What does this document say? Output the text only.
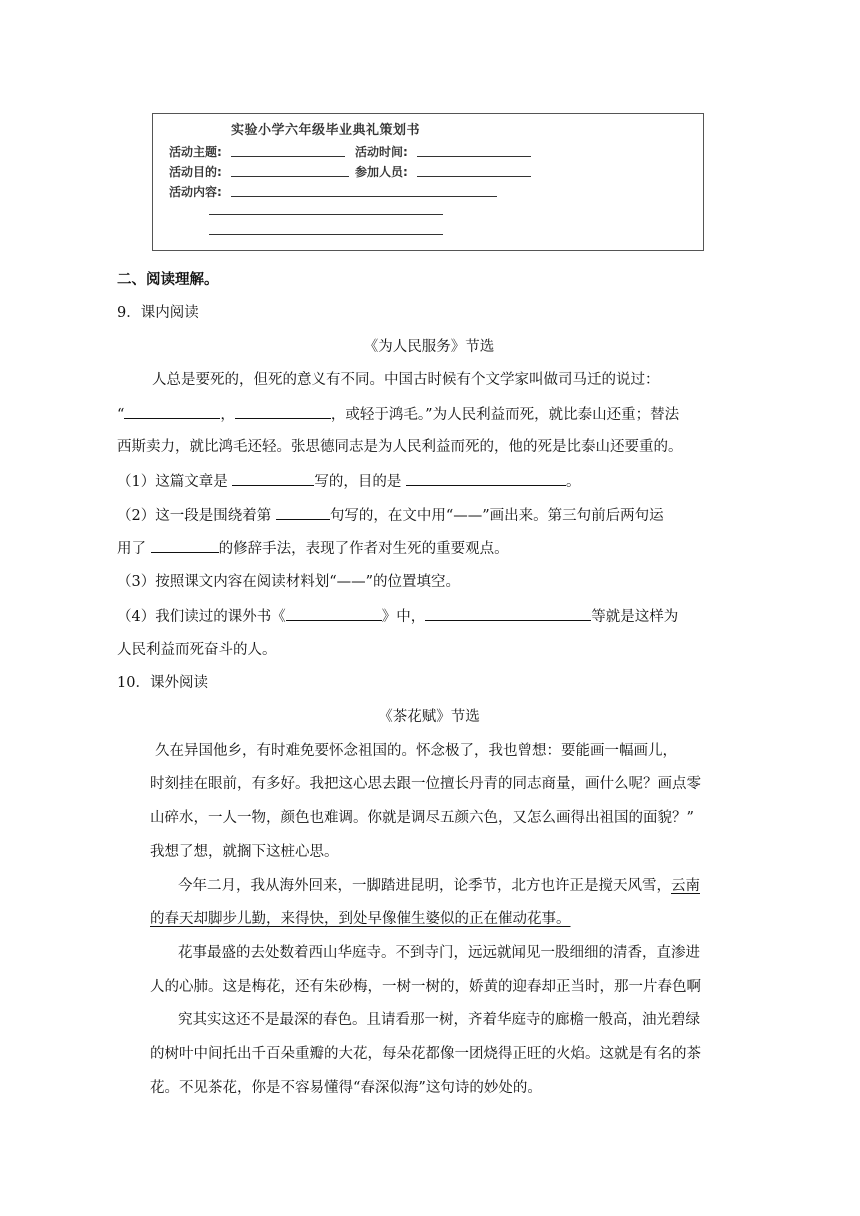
实验小学六年级毕业典礼策划书
活动主题:	活动时间:
活动目的:	参加人员:
活动内容:
二、阅读理解。
9．课内阅读
《为人民服务》节选
人总是要死的，但死的意义有不同。中国古时候有个文学家叫做司马迁的说过：
“	，	，或轻于鸿毛。”为人民利益而死，就比泰山还重；替法
西斯卖力，就比鸿毛还轻。张思德同志是为人民利益而死的，他的死是比泰山还要重的。
（1）这篇文章是	写的，目的是	。
（2）这一段是围绕着第	句写的，在文中用“——”画出来。第三句前后两句运
用了	的修辞手法，表现了作者对生死的重要观点。
（3）按照课文内容在阅读材料划“——”的位置填空。
（4）我们读过的课外书《	》中，	等就是这样为
人民利益而死奋斗的人。
10．课外阅读
《茶花赋》节选
久在异国他乡，有时难免要怀念祖国的。怀念极了，我也曾想：要能画一幅画儿，
时刻挂在眼前，有多好。我把这心思去跟一位擅长丹青的同志商量，画什么呢？画点零
山碎水，一人一物，颜色也难调。你就是调尽五颜六色，又怎么画得出祖国的面貌？”
我想了想，就搁下这桩心思。
今年二月，我从海外回来，一脚踏进昆明，论季节，北方也许正是搅天风雪，云南
的春天却脚步儿勤，来得快，到处早像催生婆似的正在催动花事。
花事最盛的去处数着西山华庭寺。不到寺门，远远就闻见一股细细的清香，直渗进
人的心肺。这是梅花，还有朱砂梅，一树一树的，娇黄的迎春却正当时，那一片春色啊
究其实这还不是最深的春色。且请看那一树，齐着华庭寺的廊檐一般高，油光碧绿
的树叶中间托出千百朵重瓣的大花，每朵花都像一团烧得正旺的火焰。这就是有名的茶
花。不见茶花，你是不容易懂得“春深似海”这句诗的妙处的。
